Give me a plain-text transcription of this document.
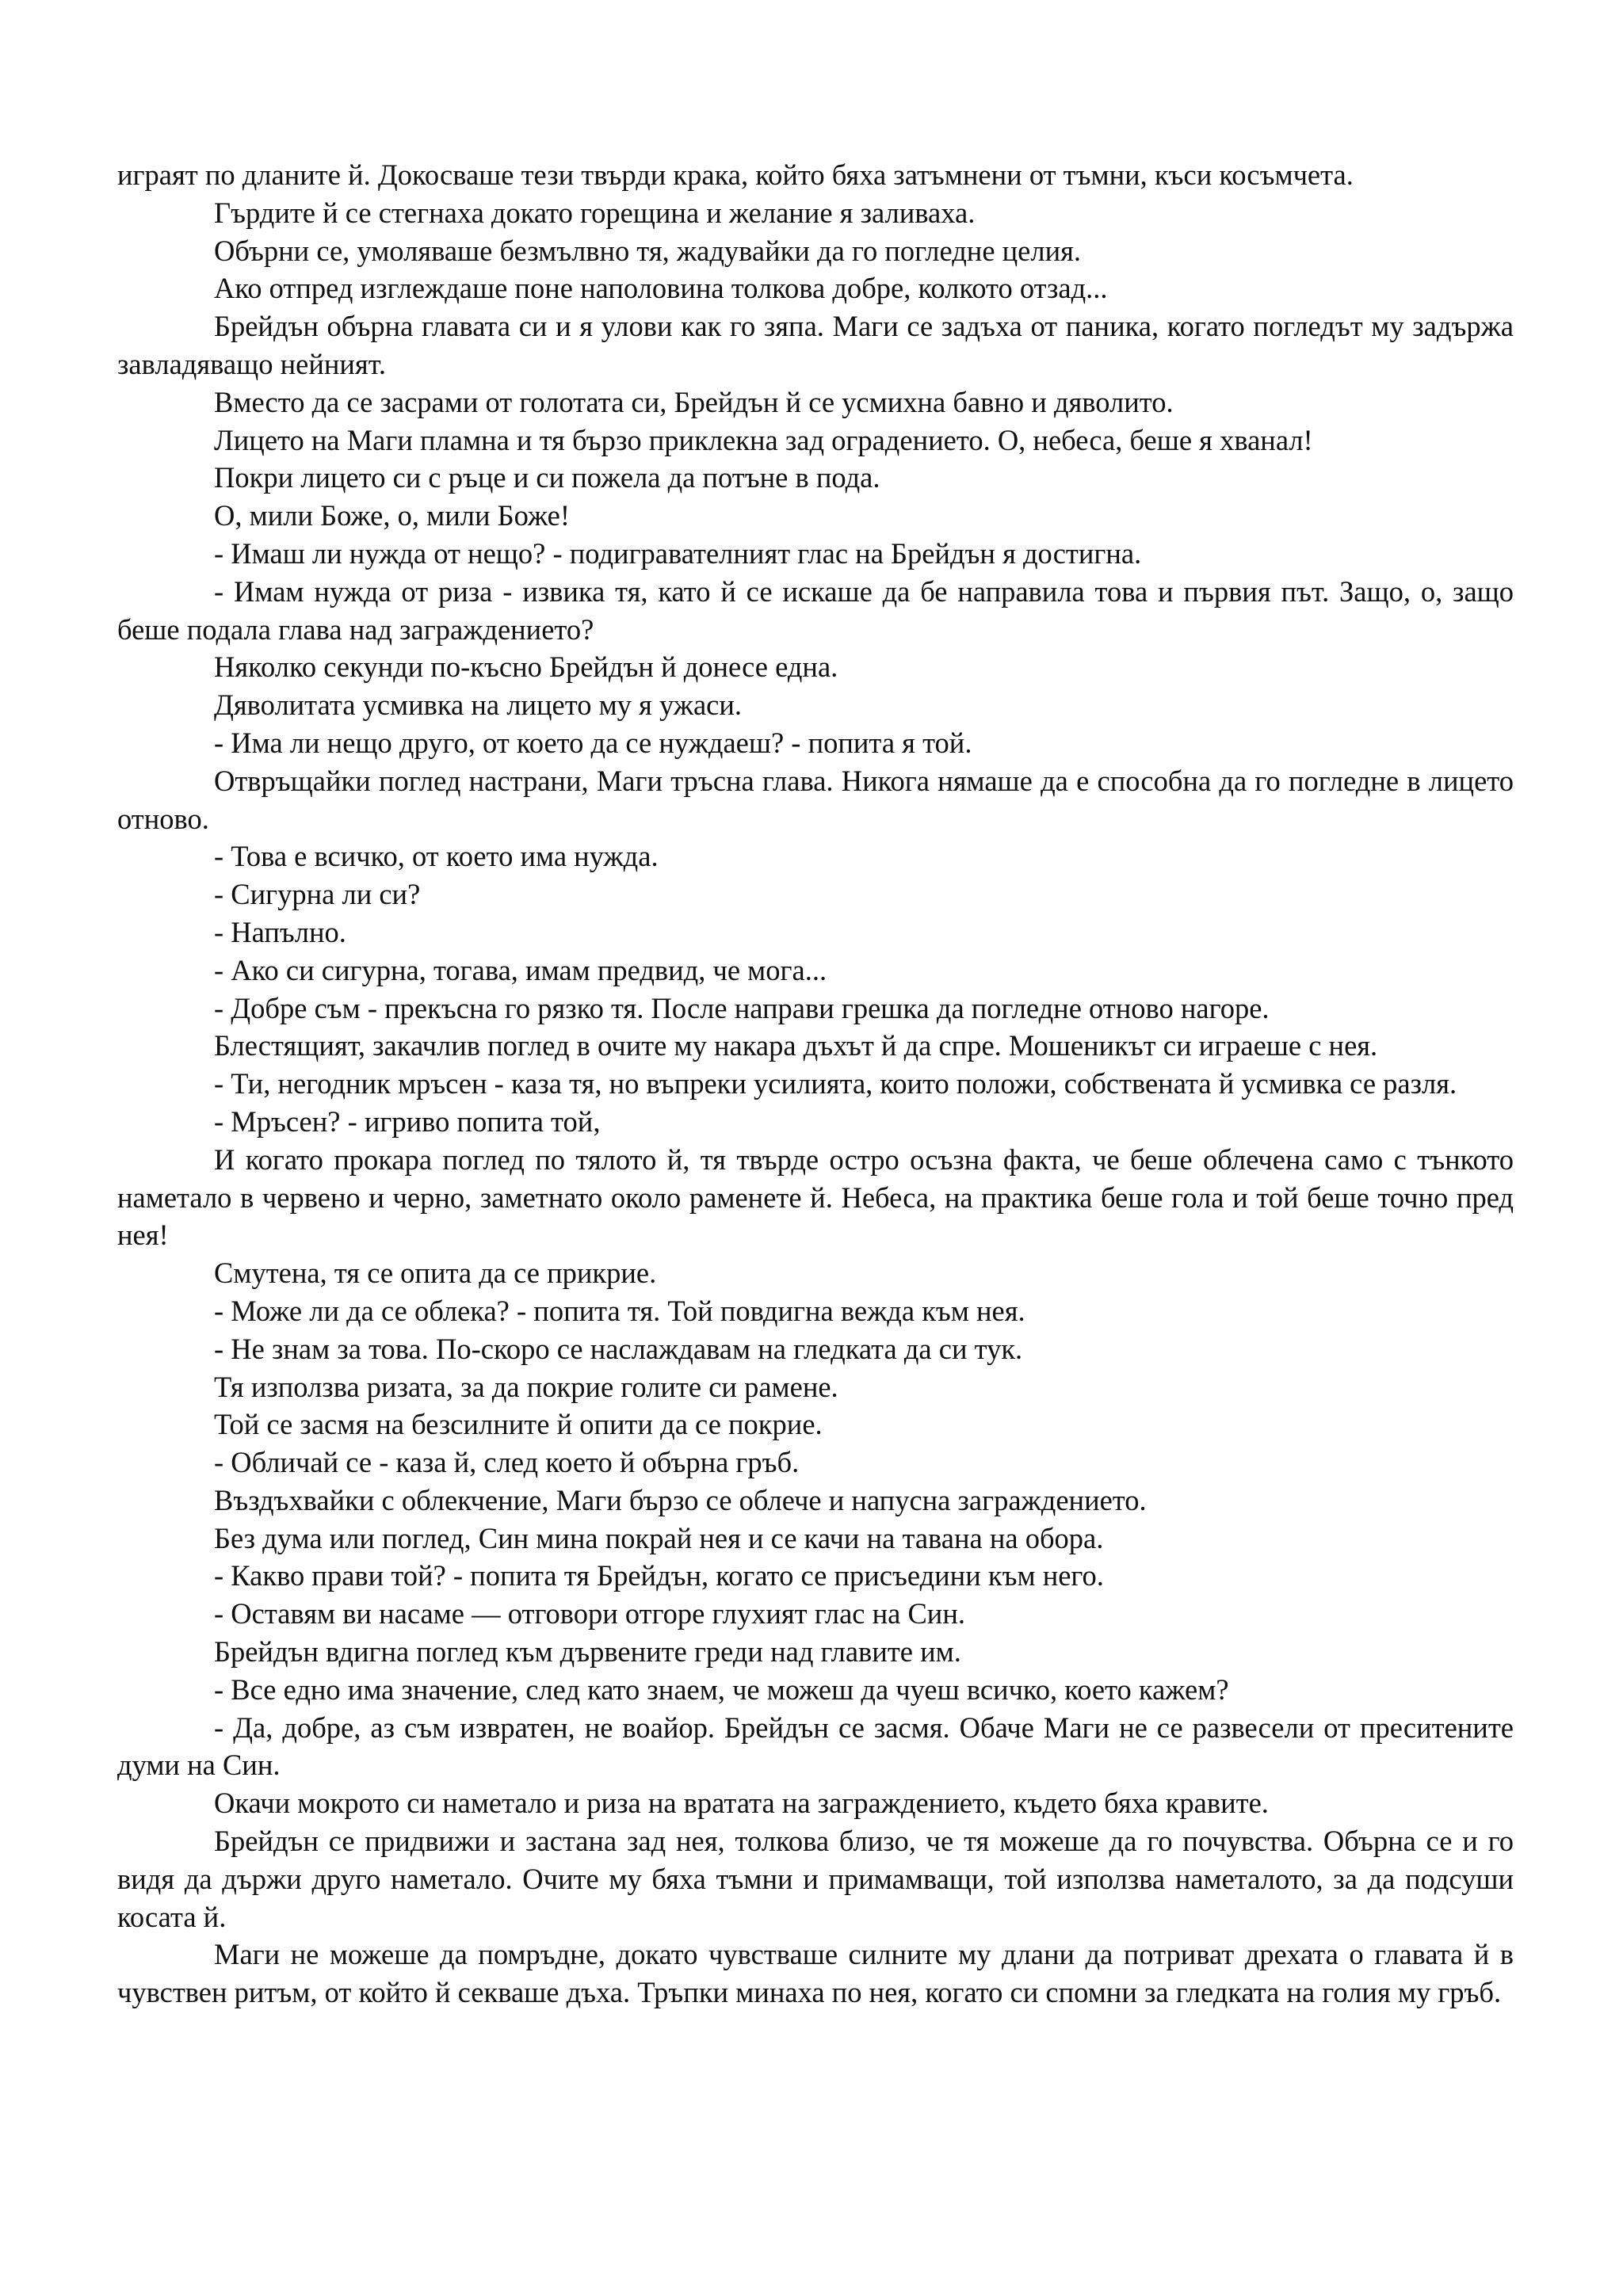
играят по дланите й. Докосваше тези твърди крака, който бяха затъмнени от тъмни, къси косъмчета.

Гърдите й се стегнаха докато горещина и желание я заливаха.

Обърни се, умоляваше безмълвно тя, жадувайки да го погледне целия.

Ако отпред изглеждаше поне наполовина толкова добре, колкото отзад...

Брейдън обърна главата си и я улови как го зяпа. Маги се задъха от паника, когато погледът му задържа завладяващо нейният.

Вместо да се засрами от голотата си, Брейдън й се усмихна бавно и дяволито.

Лицето на Маги пламна и тя бързо приклекна зад оградението. О, небеса, беше я хванал!

Покри лицето си с ръце и си пожела да потъне в пода.

О, мили Боже, о, мили Боже!

- Имаш ли нужда от нещо? - подигравателният глас на Брейдън я достигна.

- Имам нужда от риза - извика тя, като й се искаше да бе направила това и първия път. Защо, о, защо беше подала глава над заграждението?

Няколко секунди по-късно Брейдън й донесе една.

Дяволитата усмивка на лицето му я ужаси.

- Има ли нещо друго, от което да се нуждаеш? - попита я той.

Отвръщайки поглед настрани, Маги тръсна глава. Никога нямаше да е способна да го погледне в лицето отново.

- Това е всичко, от което има нужда.

- Сигурна ли си?

- Напълно.

- Ако си сигурна, тогава, имам предвид, че мога...

- Добре съм - прекъсна го рязко тя. После направи грешка да погледне отново нагоре.

Блестящият, закачлив поглед в очите му накара дъхът й да спре. Мошеникът си играеше с нея.

- Ти, негодник мръсен - каза тя, но въпреки усилията, които положи, собствената й усмивка се разля.

- Мръсен? - игриво попита той,

И когато прокара поглед по тялото й, тя твърде остро осъзна факта, че беше облечена само с тънкото наметало в червено и черно, заметнато около раменете й. Небеса, на практика беше гола и той беше точно пред нея!

Смутена, тя се опита да се прикрие.

- Може ли да се облека? - попита тя. Той повдигна вежда към нея.

- Не знам за това. По-скоро се наслаждавам на гледката да си тук.

Тя използва ризата, за да покрие голите си рамене.

Той се засмя на безсилните й опити да се покрие.

- Обличай се - каза й, след което й обърна гръб.

Въздъхвайки с облекчение, Маги бързо се облече и напусна заграждението.

Без дума или поглед, Син мина покрай нея и се качи на тавана на обора.

- Какво прави той? - попита тя Брейдън, когато се присъедини към него.

- Оставям ви насаме — отговори отгоре глухият глас на Син.

Брейдън вдигна поглед към дървените греди над главите им.

- Все едно има значение, след като знаем, че можеш да чуеш всичко, което кажем?

- Да, добре, аз съм извратен, не воайор. Брейдън се засмя. Обаче Маги не се развесели от преситените думи на Син.

Окачи мокрото си наметало и риза на вратата на заграждението, където бяха кравите.

Брейдън се придвижи и застана зад нея, толкова близо, че тя можеше да го почувства. Обърна се и го видя да държи друго наметало. Очите му бяха тъмни и примамващи, той използва наметалото, за да подсуши косата й.

Маги не можеше да помръдне, докато чувстваше силните му длани да потриват дрехата о главата й в чувствен ритъм, от който й секваше дъха. Тръпки минаха по нея, когато си спомни за гледката на голия му гръб.
